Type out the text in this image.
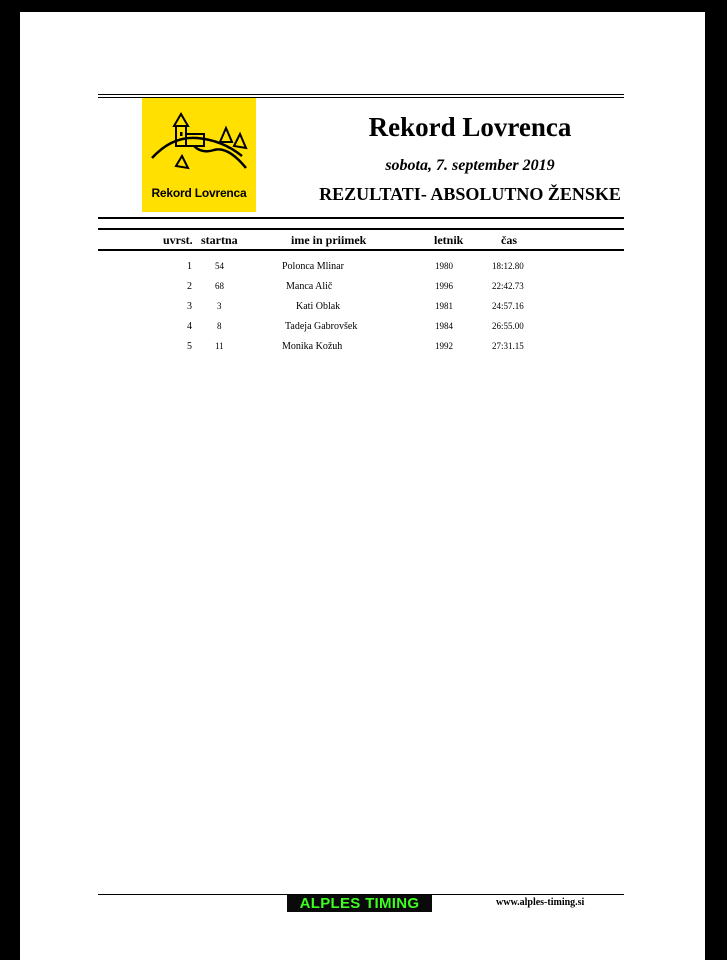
Rekord Lovrenca
Rekord Lovrenca
sobota, 7. september 2019
REZULTATI- ABSOLUTNO ŽENSKE
uvrst. startna	ime in priimek	letnik	čas
1	54	Polonca Mlinar	1980	18:12.80
2	68	Manca Alič	1996	22:42.73
3	3	Kati Oblak	1981	24:57.16
4	8	Tadeja Gabrovšek	1984	26:55.00
5	11	Monika Kožuh	1992	27:31.15
ALPLES TIMING	www.alples-timing.si
